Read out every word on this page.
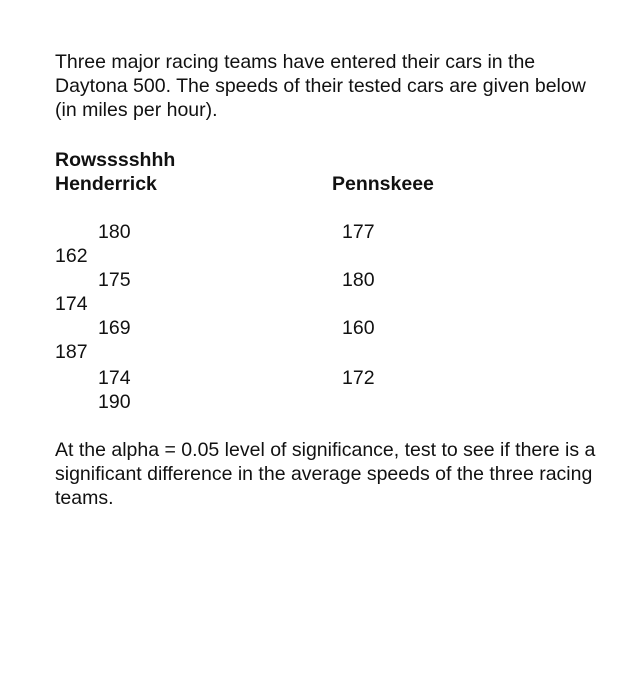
Three major racing teams have entered their cars in the Daytona 500. The speeds of their tested cars are given below (in miles per hour).

Rowsssshhh
Henderrick	Pennskeee
180
175
169
174
190
162
174
187
177
180
160
172

At the alpha = 0.05 level of significance, test to see if there is a significant difference in the average speeds of the three racing teams.
